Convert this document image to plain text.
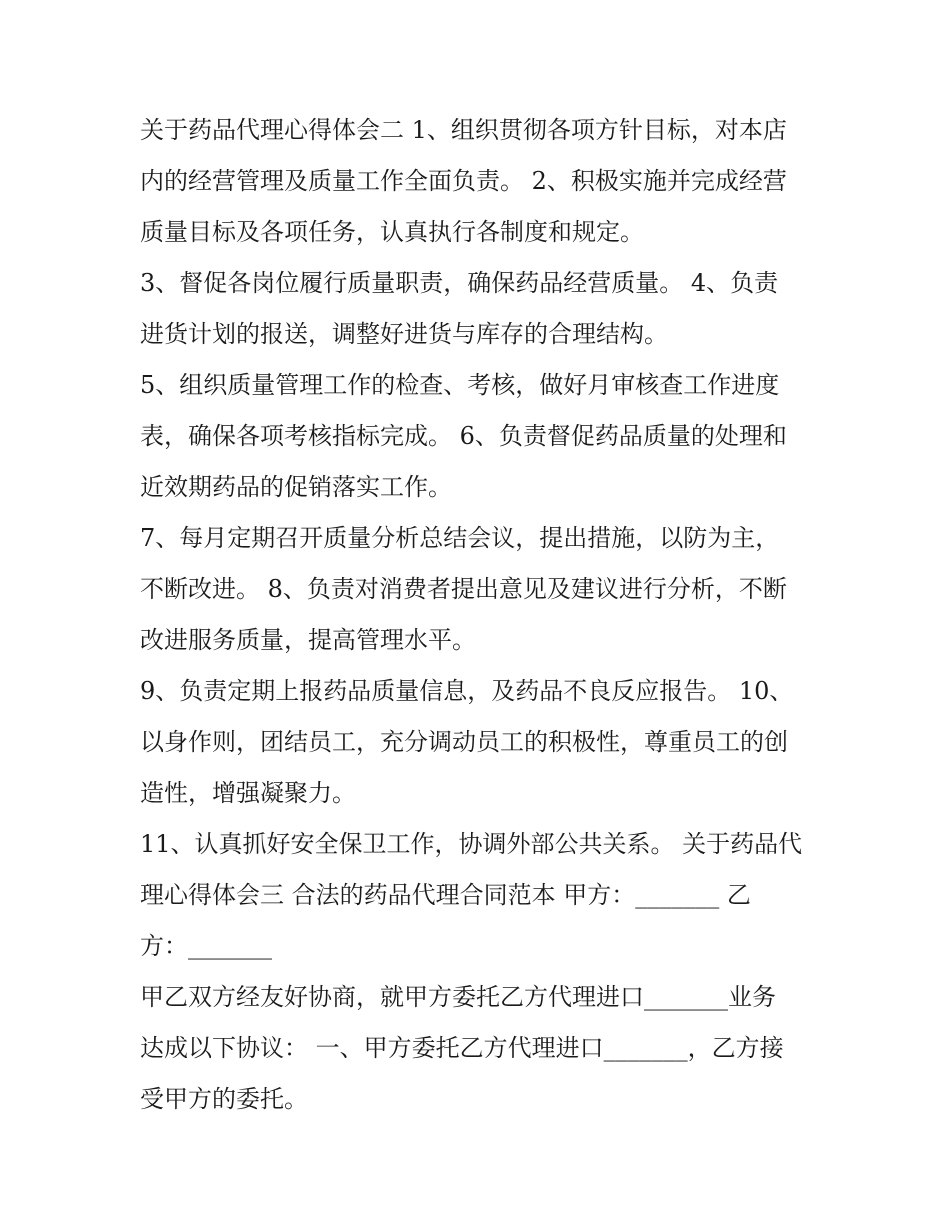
关于药品代理心得体会二 1、组织贯彻各项方针目标，对本店
内的经营管理及质量工作全面负责。 2、积极实施并完成经营
质量目标及各项任务，认真执行各制度和规定。
3、督促各岗位履行质量职责，确保药品经营质量。 4、负责
进货计划的报送，调整好进货与库存的合理结构。
5、组织质量管理工作的检查、考核，做好月审核查工作进度
表，确保各项考核指标完成。 6、负责督促药品质量的处理和
近效期药品的促销落实工作。
7、每月定期召开质量分析总结会议，提出措施，以防为主，
不断改进。 8、负责对消费者提出意见及建议进行分析，不断
改进服务质量，提高管理水平。
9、负责定期上报药品质量信息，及药品不良反应报告。 10、
以身作则，团结员工，充分调动员工的积极性，尊重员工的创
造性，增强凝聚力。
11、认真抓好安全保卫工作，协调外部公共关系。 关于药品代
理心得体会三 合法的药品代理合同范本 甲方：_______ 乙
方：_______
甲乙双方经友好协商，就甲方委托乙方代理进口_______业务
达成以下协议： 一、甲方委托乙方代理进口_______，乙方接
受甲方的委托。
